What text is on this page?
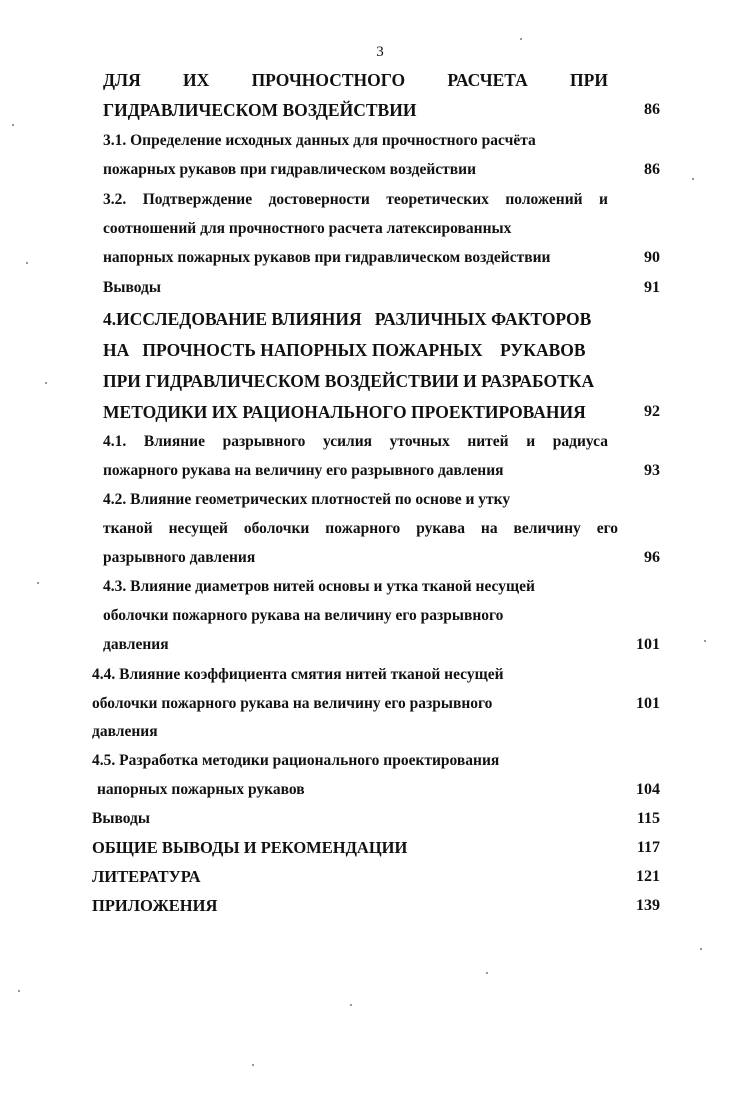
3
ДЛЯ ИХ ПРОЧНОСТНОГО РАСЧЕТА ПРИ
ГИДРАВЛИЧЕСКОМ ВОЗДЕЙСТВИИ	86
3.1. Определение исходных данных для прочностного расчёта
пожарных рукавов при гидравлическом воздействии	86
3.2. Подтверждение достоверности теоретических положений и
соотношений для прочностного расчета латексированных
напорных пожарных рукавов при гидравлическом воздействии	90
Выводы	91
4.ИССЛЕДОВАНИЕ ВЛИЯНИЯ   РАЗЛИЧНЫХ ФАКТОРОВ
НА   ПРОЧНОСТЬ НАПОРНЫХ ПОЖАРНЫХ    РУКАВОВ
ПРИ ГИДРАВЛИЧЕСКОМ ВОЗДЕЙСТВИИ И РАЗРАБОТКА
МЕТОДИКИ ИХ РАЦИОНАЛЬНОГО ПРОЕКТИРОВАНИЯ	92
4.1. Влияние разрывного усилия уточных нитей и радиуса
пожарного рукава на величину его разрывного давления	93
4.2. Влияние геометрических плотностей по основе и утку
тканой несущей оболочки пожарного рукава на величину его
разрывного давления	96
4.3. Влияние диаметров нитей основы и утка тканой несущей
оболочки пожарного рукава на величину его разрывного
давления	101
4.4. Влияние коэффициента смятия нитей тканой несущей
оболочки пожарного рукава на величину его разрывного	101
давления
4.5. Разработка методики рационального проектирования
напорных пожарных рукавов	104
Выводы	115
ОБЩИЕ ВЫВОДЫ И РЕКОМЕНДАЦИИ	117
ЛИТЕРАТУРА	121
ПРИЛОЖЕНИЯ	139
